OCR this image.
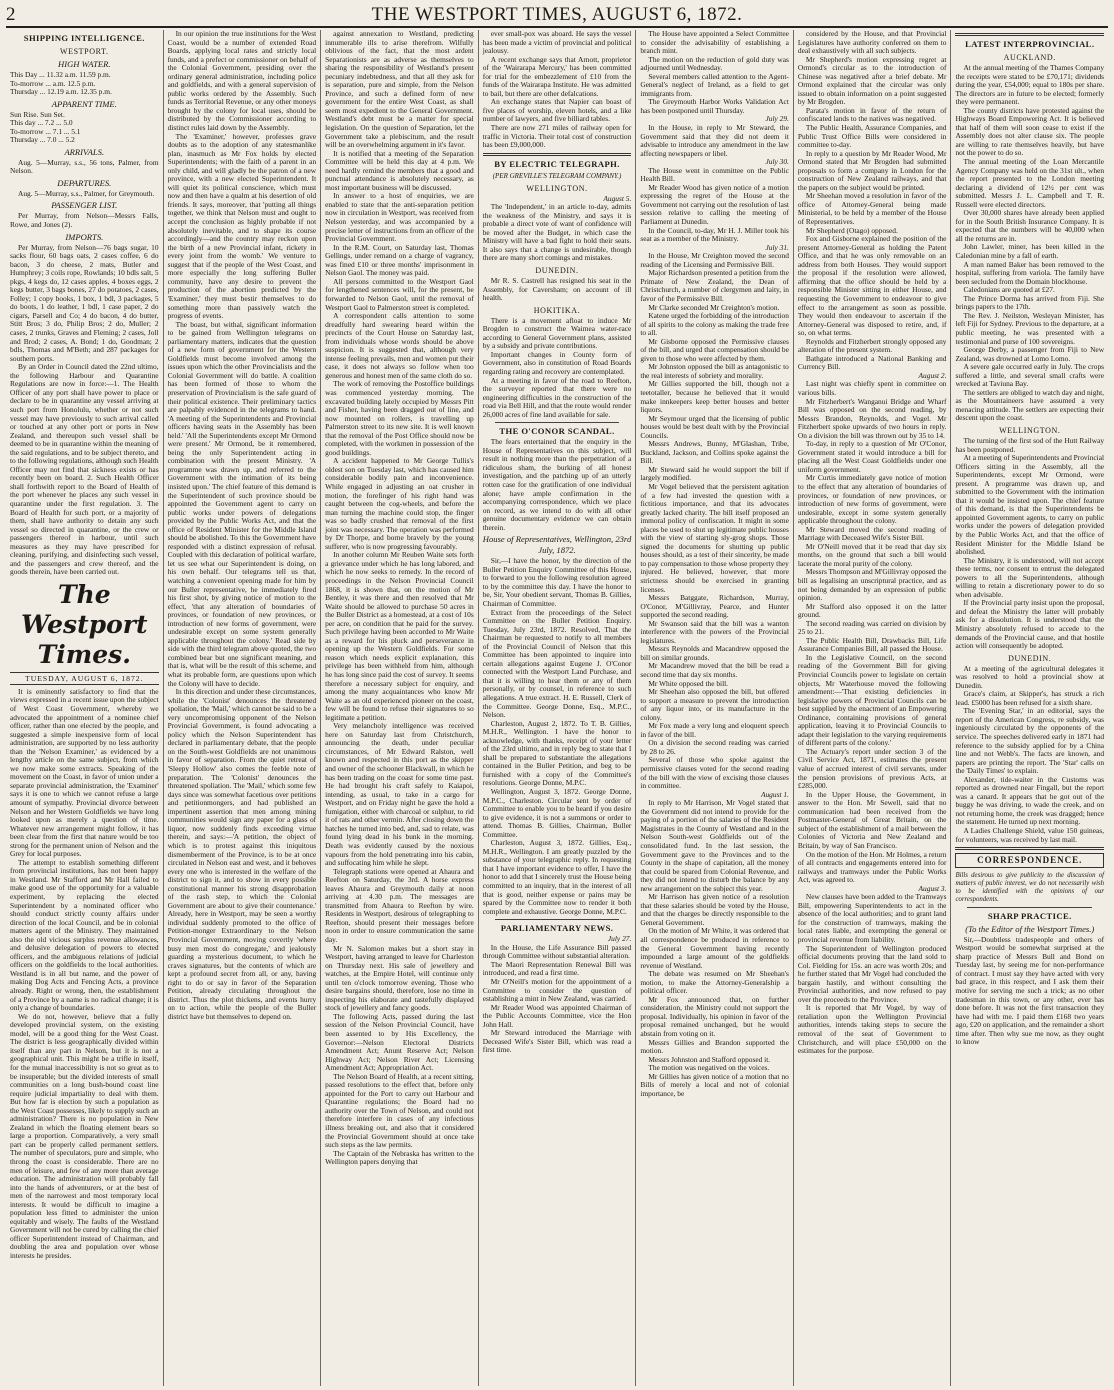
2	THE WESTPORT TIMES, AUGUST 6, 1872.
SHIPPING INTELLIGENCE.
WESTPORT.
HIGH WATER.

This Day ... 11.32 a.m. 11.59 p.m.

To-morrow ... a.m. 12.5 p.m.

Thursday ... 12.19 a.m. 12.35 p.m.

APPARENT TIME.

Sun Rise. Sun Set.

This day ... 7.2 ... 5.0

To-morrow ... 7.1 ... 5.1

Thursday ... 7.0 ... 5.2

ARRIVALS.

Aug. 5—Murray, s.s., 56 tons, Palmer, from Nelson.

DEPARTURES.

Aug. 5—Murray, s.s., Palmer, for Greymouth.

PASSENGER LIST.

Per Murray, from Nelson—Messrs Falls, Rowe, and Jones (2).

IMPORTS.

Per Murray, from Nelson—76 bags sugar, 10 sacks flour, 60 bags oats, 2 cases coffee, 6 do bacon, 3 do cheese, 2 mats, Butler and Humphrey; 3 coils rope, Rowlands; 10 bdls salt, 5 pkgs, 4 kegs do, 12 cases apples, 4 boxes eggs, 2 kegs butter, 3 bags bones, 27 do potatoes, 2 cases, Folley; 1 copy books, 1 box, 1 bdl, 3 packages, 5 do boots, 1 do leather, 1 bdl, 1 case paper, 2 do cigars, Parsell and Co; 4 do bacon, 4 do butter, Stitt Bros; 3 do, Philip Bros; 2 do, Muller; 2 cases, 2 trunks, Graves and Fleming; 2 cases, Joll and Brod; 2 cases, A. Bond; 1 do, Goodman; 2 bdls, Thomas and M'Beth; and 287 packages for southern ports.

By an Order in Council dated the 22nd ultimo, the following Harbour and Quarantine Regulations are now in force:—1. The Health Officer of any port shall have power to place or declare to be in quarantine any vessel arriving at such port from Honolulu, whether or not such vessel may have previously to such arrival called or touched at any other port or ports in New Zealand, and thereupon such vessel shall be deemed to be in quarantine within the meaning of the said regulations, and to be subject thereto, and to the following regulations, although such Health Officer may not find that sickness exists or has recently been on board. 2. Such Health Officer shall forthwith report to the Board of Health of the port whenever he places any such vessel in quarantine under the first regulation. 3. The Board of Health for such port, or a majority of them, shall have authority to detain any such vessel so directed in quarantine, or the crew or passengers thereof in harbour, until such measures as they may have prescribed for cleaning, purifying, and disinfecting such vessel, and the passengers and crew thereof, and the goods therein, have been carried out.

The Westport Times.
TUESDAY, AUGUST 6, 1872.

It is eminently satisfactory to find that the views expressed in a recent issue upon the subject of West Coast Government, whereby we advocated the appointment of a nominee chief officer, rather than one elected by the people, and suggested a simple inexpensive form of local administration, are supported by no less authority than the 'Nelson Examiner,' as evidenced by a lengthy article on the same subject, from which we now make some extracts. Speaking of the movement on the Coast, in favor of union under a separate provincial administration, the 'Examiner' says it is one to which we cannot refuse a large amount of sympathy. Provincial divorce between Nelson and her Western Goldfields we have long looked upon as merely a question of time. Whatever new arrangement might follow, it has been clear from the first that nature would be too strong for the permanent union of Nelson and the Grey for local purposes.

The attempt to establish something different from provincial institutions, has not been happy in Westland. Mr Stafford and Mr Hall failed to make good use of the opportunity for a valuable experiment, by replacing the elected Superintendent by a nominated officer who should conduct strictly county affairs under direction of the local Council, and be in colonial matters agent of the Ministry. They maintained also the old vicious surplus revenue allowances, and delusive delegation of powers to elected officers, and the ambiguous relations of judicial officers on the goldfields to the local authorities. Westland is in all but name, and the power of making Dog Acts and Fencing Acts, a province already. Right or wrong, then, the establishment of a Province by a name is no radical change; it is only a change of boundaries.

We do not, however, believe that a fully developed provincial system, on the existing model, will be a good thing for the West Coast. The district is less geographically divided within itself than any part in Nelson, but it is not a geographical unit. This might be a trifle in itself, for the mutual inaccessibility is not so great as to be insuperable; but the divided interests of small communities on a long bush-bound coast line require judicial impartiality to deal with them. But how far is election by such a population as the West Coast possesses, likely to supply such an administration? There is no population in New Zealand in which the floating element bears so large a proportion. Comparatively, a very small part can be properly called permanent settlers. The number of speculators, pure and simple, who throng the coast is considerable. There are no men of leisure, and few of any more than average education. The administration will probably fall into the hands of adventurers, or at the best of men of the narrowest and most temporary local interests. It would be difficult to imagine a population less fitted to administer the union equitably and wisely. The faults of the Westland Government will not be cured by calling the chief officer Superintendent instead of Chairman, and doubling the area and population over whose interests he presides.

In our opinion the true institutions for the West Coast, would be a number of extended Road Boards, applying local rates and strictly local funds, and a prefect or commissioner on behalf of the Colonial Government, presiding over the ordinary general administration, including police and goldfields, and with a general supervision of public works ordered by the Assembly. Such funds as Territorial Revenue, or any other moneys brought by the colony for local uses, should be distributed by the Commissioner according to distinct rules laid down by the Assembly.

The 'Examiner,' however, professes grave doubts as to the adoption of any statesmanlike plan, inasmuch as Mr Fox holds by elected Superintendents; with the faith of a parent in an only child, and will gladly be the patron of a new province, with a new elected Superintendent. It will quiet its political conscience, which must now and then have a qualm at his desertion of old friends. It says, moreover, that 'putting all things together, we think that Nelson must and ought to accept the conclusion as highly probable if not absolutely inevitable, and to shape its course accordingly—and the country may reckon upon the birth of a new Provincial infant, rickety in every joint from the womb.' We venture to suggest that if the people of the West Coast, and more especially the long suffering Buller community, have any desire to prevent the production of the abortion predicted by the 'Examiner,' they must bestir themselves to do something more than passively watch the progress of events.

The boast, but withal, significant information to be gained from Wellington telegrams on parliamentary matters, indicates that the question of a new form of government for the Western Goldfields must become involved among the issues upon which the other Provincialists and the Colonial Government will do battle. A coalition has been formed of those to whom the preservation of Provincialism is the safe guard of their political existence. Their preliminary tactics are palpably evidenced in the telegrams to hand. 'A meeting of the Superintendents and Provincial officers having seats in the Assembly has been held.' 'All the Superintendents except Mr Ormond were present.' Mr Ormond, be it remembered, being the only Superintendent acting in combination with the present Ministry. 'A programme was drawn up, and referred to the Government with the intimation of its being insisted upon.' The chief feature of this demand is the Superintendent of such province should be appointed the Government agent to carry on public works under powers of delegations provided by the Public Works Act, and that the office of Resident Minister for the Middle Island should be abolished. To this the Government have responded with a distinct expression of refusal. Coupled with this declaration of political warfare, let us see what our Superintendent is doing, on his own behalf. Our telegrams tell us that, watching a convenient opening made for him by our Buller representative, he immediately fired his first shot, by giving notice of motion to the effect, 'that any alteration of boundaries of provinces, or foundation of new provinces, or introduction of new forms of government, were undesirable except on some system generally applicable throughout the colony.' Read side by side with the third telegram above quoted, the two combined bear but one significant meaning, and that is, what will be the result of this scheme, and what its probable form, are questions upon which the Colony will have to decide.

In this direction and under these circumstances, while the 'Colonist' denounces the threatened spoliation, the 'Mail,' which cannot be said to be a very uncompromising opponent of the Nelson Provincial Government, is found advocating a policy which the Nelson Superintendent has declared in parliamentary debate, that the people on the South-west Goldfields are not unanimous in favor of separation. From the quiet retreat of 'Sleepy Hollow' also comes the feeble note of preparation. The 'Colonist' denounces the threatened spoliation. The 'Mail,' which some few days since was somewhat facetious over petitions and petitionmongers, and had published an impertinent assertion that men among mining communities would sign any paper for a glass of liquor, now suddenly finds exceeding virtue therein, and says:—'A petition, the object of which is to protest against this iniquitous dismemberment of the Province, is to be at once circulated in Nelson east and west, and it behoves every one who is interested in the welfare of the district to sign it, and to show in every possible constitutional manner his strong disapprobation of the rash step, to which the Colonial Government are about to give their countenance.' Already, here in Westport, may be seen a worthy individual suddenly promoted to the office of Petition-monger Extraordinary to the Nelson Provincial Government, moving covertly 'where busy men most do congregate,' and jealously guarding a mysterious document, to which he craves signatures, but the contents of which are kept a profound secret from all, or any, having right to do or say in favor of the Separation Petition, already circulating throughout the district. Thus the plot thickens, and events hurry on to action, while the people of the Buller district have but themselves to depend on.

against annexation to Westland, predicting innumerable ills to arise therefrom. Wilfully oblivious of the fact, that the most ardent Separationists are as adverse as themselves to sharing the responsibility of Westland's present pecuniary indebtedness, and that all they ask for is separation, pure and simple, from the Nelson Province, and such a defined form of new government for the entire West Coast, as shall seem most expedient to the General Government. Westland's debt must be a matter for special legislation. On the question of Separation, let the Government take a plebiscitum, and the result will be an overwhelming argument in it's favor.

It is notified that a meeting of the Separation Committee will be held this day at 4 p.m. We need hardly remind the members that a good and punctual attendance is absolutely necessary, as most important business will be discussed.

In answer to a host of enquiries, we are enabled to state that the anti-separation petition now in circulation in Westport, was received from Nelson yesterday, and was accompanied by a precise letter of instructions from an officer of the Provincial Government.

In the R.M. Court, on Saturday last, Thomas Gellings, under remand on a charge of vagrancy, was fined £10 or three months' imprisonment in Nelson Gaol. The money was paid.

All persons committed to the Westport Gaol for lengthened sentences will, for the present, be forwarded to Nelson Gaol, until the removal of Westport Gaol to Palmerston street is completed.

A correspondent calls attention to some dreadfully hard swearing heard within the precincts of the Court House on Saturday last, from individuals whose words should be above suspicion. It is suggested that, although very intense feeling prevails, men and women put their case, it does not always so follow when too generous and honest men of the same cloth do so.

The work of removing the Postoffice buildings was commenced yesterday morning. The excavated building lately occupied by Messrs Pitt and Fisher, having been dragged out of line, and now mounted on rollers, is travelling up Palmerston street to its new site. It is well known that the removal of the Post Office should now be completed, with the workmen in possession of the good buildings.

A accident happened to Mr George Tullis's oldest son on Tuesday last, which has caused him considerable bodily pain and inconvenience. While engaged in adjusting an oat crusher in motion, the forefinger of his right hand was caught between the cog-wheels, and before the man turning the machine could stop, the finger was so badly crushed that removal of the first joint was necessary. The operation was performed by Dr Thorpe, and borne bravely by the young sufferer, who is now progressing favourably.

In another column Mr Reuben Waite sets forth a grievance under which he has long labored, and which he now seeks to remedy. In the record of proceedings in the Nelson Provincial Council 1868, it is shown that, on the motion of Mr Bentley, it was there and then resolved that Mr Waite should be allowed to purchase 50 acres in the Buller District as a homestead, at a cost of 10s per acre, on condition that he paid for the survey. Such privilege having been accorded to Mr Waite as a reward for his pluck and perseverance in opening up the Western Goldfields. For some reason which needs explicit explanation, this privilege has been withheld from him, although he has long since paid the cost of survey. It seems therefore a necessary subject for enquiry, and among the many acquaintances who know Mr Waite as an old experienced pioneer on the coast, few will be found to refuse their signatures to so legitimate a petition.

Very melancholy intelligence was received here on Saturday last from Christchurch, announcing the death, under peculiar circumstances, of Mr Edward Ralston, well known and respected in this port as the skipper and owner of the schooner Blackwall, in which he has been trading on the coast for some time past. He had brought his craft safely to Kaiapoi, intending, as usual, to take in a cargo for Westport, and on Friday night he gave the hold a fumigation, either with charcoal or sulphur, to rid it of rats and other vermin. After closing down the hatches he turned into bed, and, sad to relate, was found lying dead in his bunk in the morning. Death was evidently caused by the noxious vapours from the hold penetrating into his cabin, and suffocating him while he slept.

Telegraph stations were opened at Ahaura and Reefton on Saturday, the 3rd. A horse express leaves Ahaura and Greymouth daily at noon arriving at 4.30 p.m. The messages are transmitted from Ahaura to Reefton by wire. Residents in Westport, desirous of telegraphing to Reefton, should present their messages before noon in order to ensure communication the same day.

Mr N. Salomon makes but a short stay in Westport, having arranged to leave for Charleston on Thursday next. His sale of jewellery and watches, at the Empire Hotel, will continue only until ten o'clock tomorrow evening. Those who desire bargains should, therefore, lose no time in inspecting his elaborate and tastefully displayed stock of jewellery and fancy goods.

The following Acts, passed during the last session of the Nelson Provincial Council, have been assented to by His Excellency, the Governor:—Nelson Electoral Districts Amendment Act; Anunt Reserve Act; Nelson Highway Act; Nelson River Act; Licensing Amendment Act; Appropriation Act.

The Nelson Board of Health, at a recent sitting, passed resolutions to the effect that, before only appointed for the Port to carry out Harbour and Quarantine regulations; the Board had no authority over the Town of Nelson, and could not therefore interfere in cases of any infectious illness breaking out, and also that it considered the Provincial Government should at once take such steps as the law permits.

The Captain of the Nebraska has written to the Wellington papers denying that

ever small-pox was aboard. He says the vessel has been made a victim of provincial and political jealousy.

A recent exchange says that Arnott, proprietor of the 'Wairarapa Mercury,' has been committed for trial for the embezzlement of £10 from the funds of the Wairarapa Institute. He was admitted to bail, but there are other defalcations.

An exchange states that Napier can boast of five places of worship, eleven hotels, and a like number of lawyers, and five billiard tables.

There are now 271 miles of railway open for traffic in Victoria. Their total cost of construction has been £9,000,000.

BY ELECTRIC TELEGRAPH.
(PER GREVILLE'S TELEGRAM COMPANY.)
WELLINGTON.

August 5.

The 'Independent,' in an article to-day, admits the weakness of the Ministry, and says it is probable a direct vote of want of confidence will be moved after the Budget, in which case the Ministry will have a bad fight to hold their seats. It also says that a change is undesirable, though there are many short comings and mistakes.

DUNEDIN.

Mr R. S. Castrell has resigned his seat in the Assembly, for Caversham; on account of ill health.

HOKITIKA.

There is a movement afloat to induce Mr Brogden to construct the Waimea water-race according to General Government plans, assisted by a subsidy and private contributions.

Important changes in County form of Government, also in constitution of Road Boards regarding rating and recovery are contemplated.

At a meeting in favor of the road to Reefton, the surveyor reported that there were no engineering difficulties in the construction of the road via Bell Hill, and that the route would render 26,000 acres of fine land available for sale.

THE O'CONOR SCANDAL.

The fears entertained that the enquiry in the House of Representatives on this subject, will result in nothing more than the perpetration of a ridiculous sham, the burking of all honest investigation, and the patching up of an utterly rotten case for the gratification of one individual alone; have ample confirmation in the accompanying correspondence, which we place on record, as we intend to do with all other genuine documentary evidence we can obtain therein.

House of Representatives, Wellington, 23rd July, 1872.

Sir,—I have the honor, by the direction of the Buller Petition Enquiry Committee of this House, to forward to you the following resolution agreed to by the committee this day. I have the honor to be, Sir, Your obedient servant, Thomas B. Gillies, Chairman of Committee.

Extract from the proceedings of the Select Committee on the Buller Petition Enquiry. Tuesday, July 23rd, 1872. Resolved, That the Chairman be requested to notify to all members of the Provincial Council of Nelson that this Committee has been appointed to inquire into certain allegations against Eugene J. O'Conor connected with the Westport Land Purchase, and that it is willing to hear them or any of them personally, or by counsel, in reference to such allegations. A true extract. H. E. Russell, Clerk of the Committee. George Donne, Esq., M.P.C., Nelson.

Charleston, August 2, 1872. To T. B. Gillies, M.H.R., Wellington. I have the honor to acknowledge, with thanks, receipt of your letter of the 23rd ultimo, and in reply beg to state that I shall be prepared to substantiate the allegations contained in the Buller Petition, and beg to be furnished with a copy of the Committee's resolutions. George Donne, M.P.C.

Wellington, August 3, 1872. George Donne, M.P.C., Charleston. Circular sent by order of Committee to enable you to be heard if you desire to give evidence, it is not a summons or order to attend. Thomas B. Gillies, Chairman, Buller Committee.

Charleston, August 3, 1872. Gillies, Esq., M.H.R., Wellington. I am greatly puzzled by the substance of your telegraphic reply. In requesting that I have important evidence to offer, I have the honor to add that I sincerely trust the House being committed to an inquiry, that in the interest of all that is good, neither expense or pains may be spared by the Committee now to render it both complete and exhaustive. George Donne, M.P.C.

PARLIAMENTARY NEWS.

July 27.

In the House, the Life Assurance Bill passed through Committee without substantial alteration.

The Maori Representation Renewal Bill was introduced, and read a first time.

Mr O'Neill's motion for the appointment of a Committee to consider the question of establishing a mint in New Zealand, was carried.

Mr Reader Wood was appointed Chairman of the Public Accounts Committee, vice the Hon John Hall.

Mr Steward introduced the Marriage with Deceased Wife's Sister Bill, which was read a first time.

The House have appointed a Select Committee to consider the advisability of establishing a branch mint.

The motion on the reduction of gold duty was adjourned until Wednesday.

Several members called attention to the Agent-General's neglect of Ireland, as a field to get immigrants from.

The Greymouth Harbor Works Validation Act has been postponed until Thursday.

July 29.

In the House, in reply to Mr Steward, the Government said that they did not deem it advisable to introduce any amendment in the law affecting newspapers or libel.

July 30.

The House went in committee on the Public Health Bill.

Mr Reader Wood has given notice of a motion expressing the regret of the House at the Government not carrying out the resolution of last session relative to calling the meeting of Parliament at Dunedin.

In the Council, to-day, Mr H. J. Miller took his seat as a member of the Ministry.

July 31.

In the House, Mr Creighton moved the second reading of the Licensing and Permissive Bill.

Major Richardson presented a petition from the Primate of New Zealand, the Dean of Christchurch, a number of clergymen and laity, in favor of the Permissive Bill.

Mr Clarke seconded Mr Creighton's motion.

Katene urged the forbidding of the introduction of all spirits to the colony as making the trade free to all.

Mr Gisborne opposed the Permissive clauses of the bill, and urged that compensation should be given to those who were affected by them.

Mr Johnston opposed the bill as antagonistic to the real interests of sobriety and morality.

Mr Gillies supported the bill, though not a teetotaller, because he believed that it would make innkeepers keep better houses and better liquors.

Mr Seymour urged that the licensing of public houses would be best dealt with by the Provincial Councils.

Messrs Andrews, Bunny, M'Glashan, Tribe, Buckland, Jackson, and Collins spoke against the Bill.

Mr Steward said he would support the bill if largely modified.

Mr Vogel believed that the persistent agitation of a few had invested the question with a fictitious importance, and that its advocates greatly lacked charity. The bill itself proposed an immoral policy of confiscation. It might in some places be used to shut up legitimate public houses with the view of starting sly-grog shops. Those signed the documents for shutting up public houses should, as a test of their sincerity, be made to pay compensation to those whose property they injured. He believed, however, that more strictness should be exercised in granting licenses.

Messrs Batggate, Richardson, Murray, O'Conor, M'Gillivray, Pearce, and Hunter supported the second reading.

Mr Swanson said that the bill was a wanton interference with the powers of the Provincial legislatures.

Messrs Reynolds and Macandrew opposed the bill on similar grounds.

Mr Macandrew moved that the bill be read a second time that day six months.

Mr White opposed the bill.

Mr Sheehan also opposed the bill, but offered to support a measure to prevent the introduction of any liquor into, or its manufacture in the colony.

Mr Fox made a very long and eloquent speech in favor of the bill.

On a division the second reading was carried by 28 to 26.

Several of those who spoke against the permissive clauses voted for the second reading of the bill with the view of excising those clauses in committee.

August 1.

In reply to Mr Harrison, Mr Vogel stated that the Government did not intend to provide for the paying of a portion of the salaries of the Resident Magistrates in the County of Westland and in the Nelson South-west Goldfields out of the consolidated fund. In the last session, the Government gave to the Provinces and to the County in the shape of capitation, all the money that could be spared from Colonial Revenue, and they did not intend to disturb the balance by any new arrangement on the subject this year.

Mr Harrison has given notice of a resolution that these salaries should be voted by the House, and that the charges be directly responsible to the General Government.

On the motion of Mr White, it was ordered that all correspondence be produced in reference to the General Government having recently impounded a large amount of the goldfields revenue of Westland.

The debate was resumed on Mr Sheehan's motion, to make the Attorney-Generalship a political officer.

Mr Fox announced that, on further consideration, the Ministry could not support the proposal. Individually, his opinion in favor of the proposal remained unchanged, but he would abstain from voting on it.

Messrs Gillies and Brandon supported the motion.

Messrs Johnston and Stafford opposed it.

The motion was negatived on the voices.

Mr Gillies has given notice of a motion that no Bills of merely a local and not of colonial importance, be

considered by the House, and that Provincial Legislatures have authority conferred on them to deal exhaustively with all such subjects.

Mr Shepherd's motion expressing regret at Ormond's circular as to the introduction of Chinese was negatived after a brief debate. Mr Ormond explained that the circular was only issued to obtain information on a point suggested by Mr Brogden.

Parata's motion in favor of the return of confiscated lands to the natives was negatived.

The Public Health, Assurance Companies, and Public Trust Office Bills were considered in committee to-day.

In reply to a question by Mr Reader Wood, Mr Ormond stated that Mr Brogden had submitted proposals to form a company in London for the construction of New Zealand railways, and that the papers on the subject would be printed.

Mr Sheehan moved a resolution in favor of the office of Attorney-General being made Ministerial, to be held by a member of the House of Representatives.

Mr Shepherd (Otago) opposed.

Fox and Gisborne explained the position of the present Attorney-General as holding the Patent Office, and that he was only removable on an address from both Houses. They would support the proposal if the resolution were allowed, affirming that the office should be held by a responsible Minister sitting in either House, and requesting the Government to endeavour to give effect to the arrangement as soon as possible. They would then endeavour to ascertain if the Attorney-General was disposed to retire, and, if so, on what terms.

Reynolds and Fitzherbert strongly opposed any alteration of the present system.

Bathgate introduced a National Banking and Currency Bill.

August 2.

Last night was chiefly spent in committee on various bills.

Mr Fitzherbert's Wanganui Bridge and Wharf Bill was opposed on the second reading, by Messrs Brandon, Reynolds, and Vogel. Mr Fitzherbert spoke upwards of two hours in reply. On a division the bill was thrown out by 35 to 14.

To-day, in reply to a question of Mr O'Conor, Government stated it would introduce a bill for placing all the West Coast Goldfields under one uniform government.

Mr Curtis immediately gave notice of motion to the effect that any alteration of boundaries of provinces, or foundation of new provinces, or introduction of new forms of government, were undesirable, except in some system generally applicable throughout the colony.

Mr Steward moved the second reading of Marriage with Deceased Wife's Sister Bill.

Mr O'Neill moved that it be read that day six months, on the ground that such a bill would lacerate the moral purity of the colony.

Messrs Thompson and M'Gillivray opposed the bill as legalising an unscriptural practice, and as not being demanded by an expression of public opinion.

Mr Stafford also opposed it on the latter ground.

The second reading was carried on division by 25 to 21.

The Public Health Bill, Drawbacks Bill, Life Assurance Companies Bill, all passed the House.

In the Legislative Council, on the second reading of the Government Bill for giving Provincial Councils power to legislate on certain objects, Mr Waterhouse moved the following amendment:—'That existing deficiencies in legislative powers of Provincial Councils can be best supplied by the enactment of an Empowering Ordinance, containing provisions of general application, leaving it to Provincial Councils to adapt their legislation to the varying requirements of different parts of the colony.'

The Actuary's report under section 3 of the Civil Service Act, 1871, estimates the present value of accrued interest of civil servants, under the pension provisions of previous Acts, at £285,000.

In the Upper House, the Government, in answer to the Hon. Mr Sewell, said that no communication had been received from the Postmaster-General of Great Britain, on the subject of the establishment of a mail between the Colonies of Victoria and New Zealand and Britain, by way of San Francisco.

On the motion of the Hon. Mr Holmes, a return of all contracts and engagements entered into for railways and tramways under the Public Works Act, was agreed to.

August 3.

New clauses have been added to the Tramways Bill, empowering Superintendents to act in the absence of the local authorities; and to grant land for the construction of tramways, making the local rates liable, and exempting the general or provincial revenue from liability.

The Superintendent of Wellington produced official documents proving that the land sold to Col. Fielding for 15s. an acre was worth 20s; and he further stated that Mr Vogel had concluded the bargain hastily, and without consulting the Provincial authorities, and now refused to pay over the proceeds to the Province.

It is reported that Mr Vogel, by way of retaliation upon the Wellington Provincial authorities, intends taking steps to secure the removal of the seat of Government to Christchurch, and will place £50,000 on the estimates for the purpose.

LATEST INTERPROVINCIAL.
AUCKLAND.

At the annual meeting of the Thames Company the receipts were stated to be £70,171; dividends during the year, £54,000; equal to 180s per share. The directors are in future to be elected; formerly they were permanent.

The county districts have protested against the Highways Board Empowering Act. It is believed that half of them will soon cease to exist if the Assembly does not alter clause six. The people are willing to rate themselves heavily, but have not the power to do so.

The annual meeting of the Loan Mercantile Agency Company was held on the 31st ult., when the report presented to the London meeting declaring a dividend of 12½ per cent was submitted. Messrs J. L. Campbell and T. R. Russell were elected directors.

Over 30,000 shares have already been applied for in the South British Insurance Company. It is expected that the numbers will be 40,000 when all the returns are in.

John Lawler, miner, has been killed in the Caledonian mine by a fall of earth.

A man named Baker has been removed to the hospital, suffering from variola. The family have been secluded from the Domain blockhouse.

Caledonians are quoted at £27.

The Prince Dorma has arrived from Fiji. She brings papers to the 17th.

The Rev. J. Neilston, Wesleyan Minister, has left Fiji for Sydney. Previous to the departure, at a public meeting, he was presented with a testimonial and purse of 100 sovereigns.

George Derby, a passenger from Fiji to New Zealand, was drowned at Lomo Lomo.

A severe gale occurred early in July. The crops suffered a little, and several small crafts were wrecked at Taviuna Bay.

The settlers are obliged to watch day and night, as the Mountaineers have assumed a very menacing attitude. The settlers are expecting their descent upon the coast.

WELLINGTON.

The turning of the first sod of the Hutt Railway has been postponed.

At a meeting of Superintendents and Provincial Officers sitting in the Assembly, all the Superintendents, except Mr Ormond, were present. A programme was drawn up, and submitted to the Government with the intimation that it would be insisted upon. The chief feature of this demand, is that the Superintendents be appointed Government agents, to carry on public works under the powers of delegation provided by the Public Works Act, and that the office of Resident Minister for the Middle Island be abolished.

The Ministry, it is understood, will not accept these terms, nor consent to entrust the delegated powers to all the Superintendents, although willing to retain a discretionary power to do so when advisable.

If the Provincial party insist upon the proposal, and defeat the Ministry the latter will probably ask for a dissolution. It is understood that the Ministry absolutely refused to accede to the demands of the Provincial cause, and that hostile action will consequently be adopted.

DUNEDIN.

At a meeting of the agricultural delegates it was resolved to hold a provincial show at Dunedin.

Grace's claim, at Skipper's, has struck a rich lead. £5000 has been refused for a sixth share.

The 'Evening Star,' in an editorial, says the report of the American Congress, re subsidy, was ingeniously circulated by the opponents of the service. The speeches delivered early in 1871 had reference to the subsidy applied for by a China line and not Webb's. The facts are known, and papers are printing the report. The 'Star' calls on the 'Daily Times' to explain.

Alexander, tide-waiter in the Customs was reported as drowned near Fingall, but the report was a canard. It appears that he got out of the buggy he was driving, to wade the creek, and on not returning home, the creek was dragged; hence the statement. He turned up next morning.

A Ladies Challenge Shield, value 150 guineas, for volunteers, was received by last mail.

CORRESPONDENCE.

Bills desirous to give publicity to the discussion of matters of public interest, we do not necessarily wish to be identified with the opinions of our correspondents.

SHARP PRACTICE.
(To the Editor of the Westport Times.)

Sir,—Doubtless tradespeople and others of Westport would be somewhat surprised at the sharp practice of Messrs Bull and Bond on Tuesday last, by seeing me for non-performance of contract. I must say they have acted with very bad grace, in this respect, and I ask them their motive for serving me such a trick; as no other tradesman in this town, or any other, ever has done before. It was not the first transaction they have had with me. I paid them £168 two years ago, £20 on application, and the remainder a short time after. Then why sue me now, as they ought to know
